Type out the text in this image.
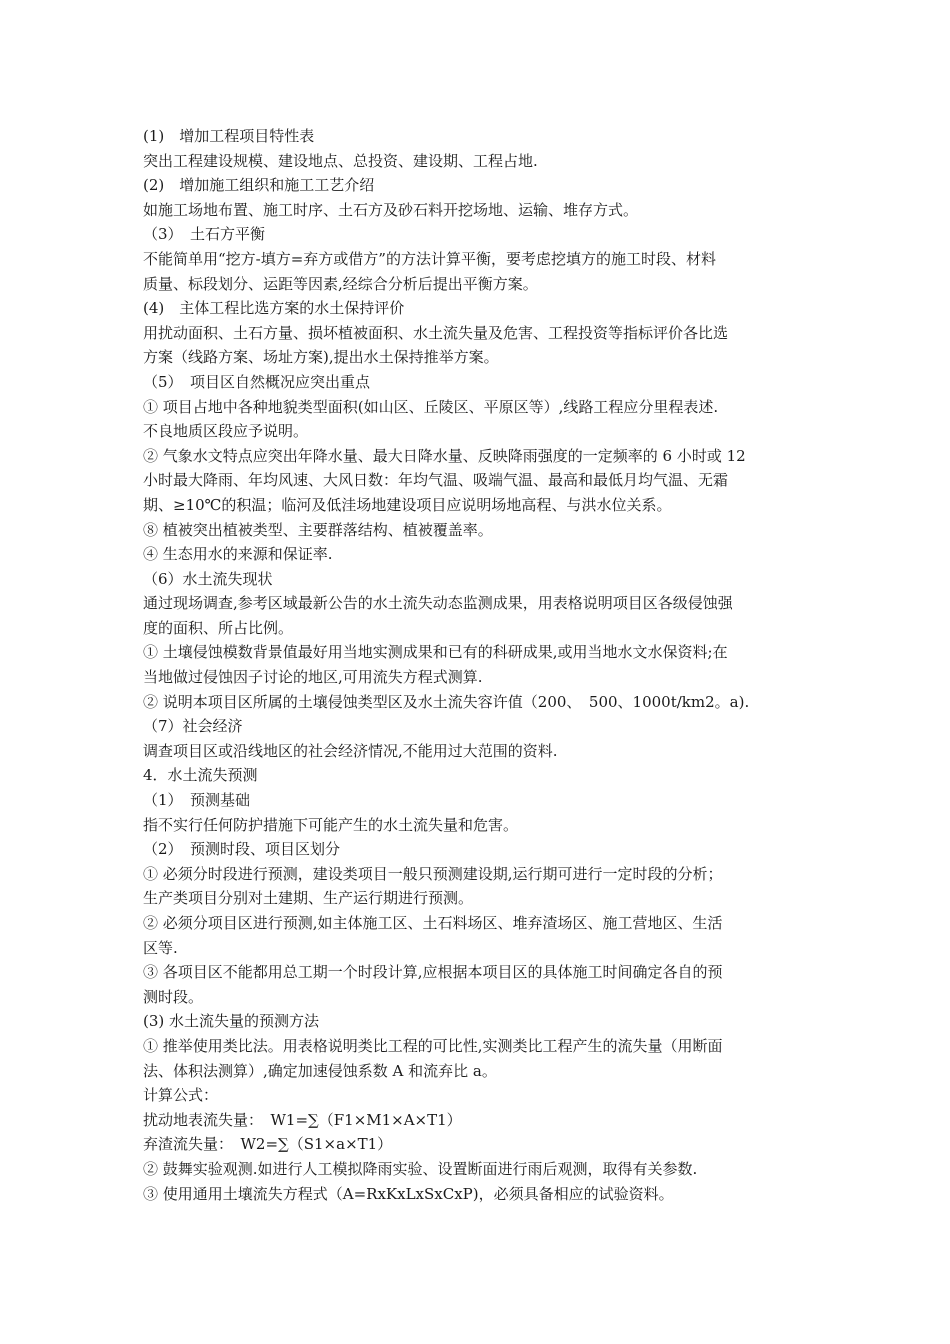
(1)　增加工程项目特性表
突出工程建设规模、建设地点、总投资、建设期、工程占地.
(2)　增加施工组织和施工工艺介绍
如施工场地布置、施工时序、土石方及砂石料开挖场地、运输、堆存方式。
（3）　土石方平衡
不能简单用“挖方-填方=弃方或借方”的方法计算平衡，要考虑挖填方的施工时段、材料
质量、标段划分、运距等因素,经综合分析后提出平衡方案。
(4)　主体工程比选方案的水土保持评价
用扰动面积、土石方量、损坏植被面积、水土流失量及危害、工程投资等指标评价各比选
方案（线路方案、场址方案),提出水土保持推举方案。
（5）　项目区自然概况应突出重点
① 项目占地中各种地貌类型面积(如山区、丘陵区、平原区等）,线路工程应分里程表述.
不良地质区段应予说明。
② 气象水文特点应突出年降水量、最大日降水量、反映降雨强度的一定频率的 6 小时或 12
小时最大降雨、年均风速、大风日数：年均气温、吸端气温、最高和最低月均气温、无霜
期、≥10℃的积温；临河及低洼场地建设项目应说明场地高程、与洪水位关系。
⑧ 植被突出植被类型、主要群落结构、植被覆盖率。
④ 生态用水的来源和保证率.
（6）水土流失现状
通过现场调查,参考区域最新公告的水土流失动态监测成果，用表格说明项目区各级侵蚀强
度的面积、所占比例。
① 土壤侵蚀模数背景值最好用当地实测成果和已有的科研成果,或用当地水文水保资料;在
当地做过侵蚀因子讨论的地区,可用流失方程式测算.
② 说明本项目区所属的土壤侵蚀类型区及水土流失容许值（200、　500、1000t/km2。a).
（7）社会经济
调查项目区或沿线地区的社会经济情况,不能用过大范围的资料.
4．水土流失预测
（1）　预测基础
指不实行任何防护措施下可能产生的水土流失量和危害。
（2）　预测时段、项目区划分
① 必须分时段进行预测，建设类项目一般只预测建设期,运行期可进行一定时段的分析；
生产类项目分别对土建期、生产运行期进行预测。
② 必须分项目区进行预测,如主体施工区、土石料场区、堆弃渣场区、施工营地区、生活
区等.
③ 各项目区不能都用总工期一个时段计算,应根据本项目区的具体施工时间确定各自的预
测时段。
(3) 水土流失量的预测方法
① 推举使用类比法。用表格说明类比工程的可比性,实测类比工程产生的流失量（用断面
法、体积法测算）,确定加速侵蚀系数 A 和流弃比 a。
计算公式：
扰动地表流失量：　W1=∑（F1×M1×A×T1）
弃渣流失量：　W2=∑（S1×a×T1）
② 鼓舞实验观测.如进行人工模拟降雨实验、设置断面进行雨后观测，取得有关参数.
③ 使用通用土壤流失方程式（A=RxKxLxSxCxP)，必须具备相应的试验资料。
